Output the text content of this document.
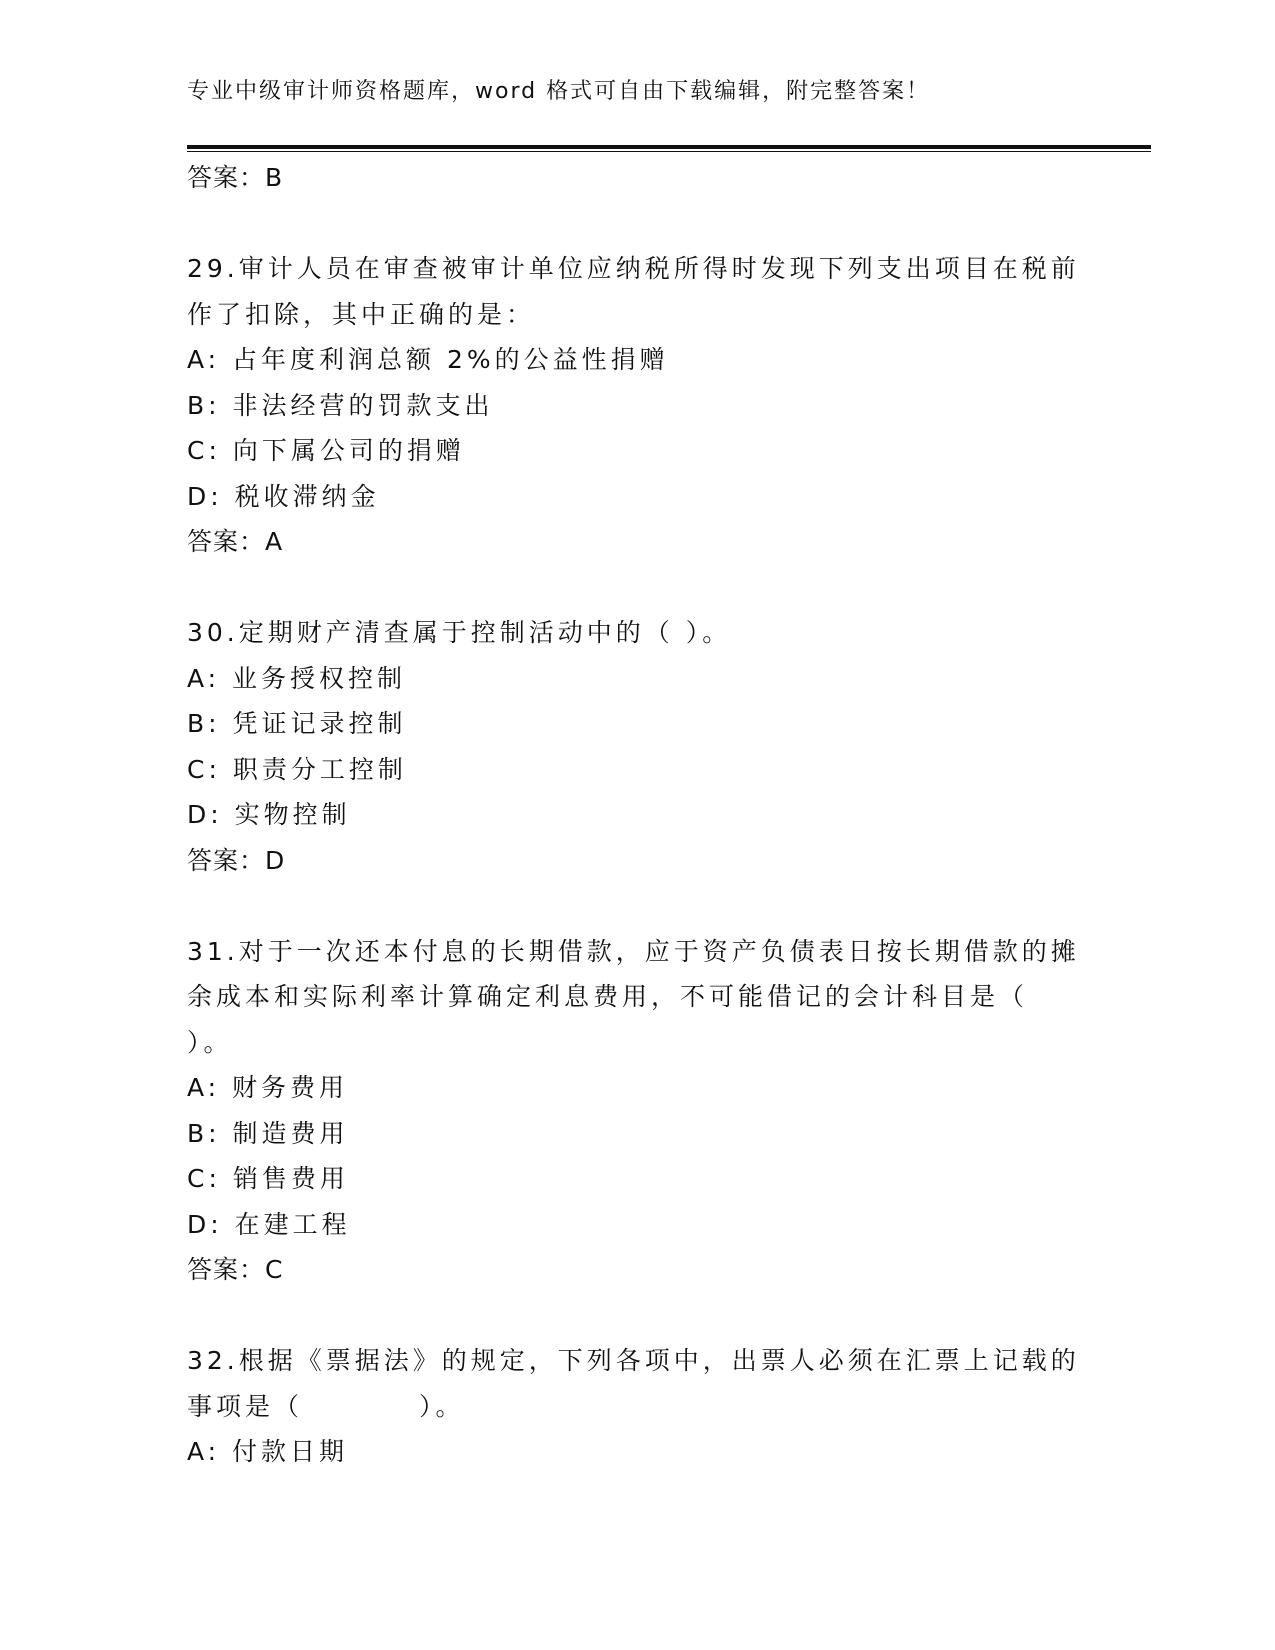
专业中级审计师资格题库，word 格式可自由下载编辑，附完整答案！
答案：B
29.审计人员在审查被审计单位应纳税所得时发现下列支出项目在税前
作了扣除，其中正确的是：
A: 占年度利润总额 2%的公益性捐赠
B: 非法经营的罚款支出
C: 向下属公司的捐赠
D: 税收滞纳金
答案：A
30.定期财产清查属于控制活动中的（ ）。
A: 业务授权控制
B: 凭证记录控制
C: 职责分工控制
D: 实物控制
答案：D
31.对于一次还本付息的长期借款，应于资产负债表日按长期借款的摊
余成本和实际利率计算确定利息费用，不可能借记的会计科目是（
）。
A: 财务费用
B: 制造费用
C: 销售费用
D: 在建工程
答案：C
32.根据《票据法》的规定，下列各项中，出票人必须在汇票上记载的
事项是（　　　　）。
A: 付款日期
